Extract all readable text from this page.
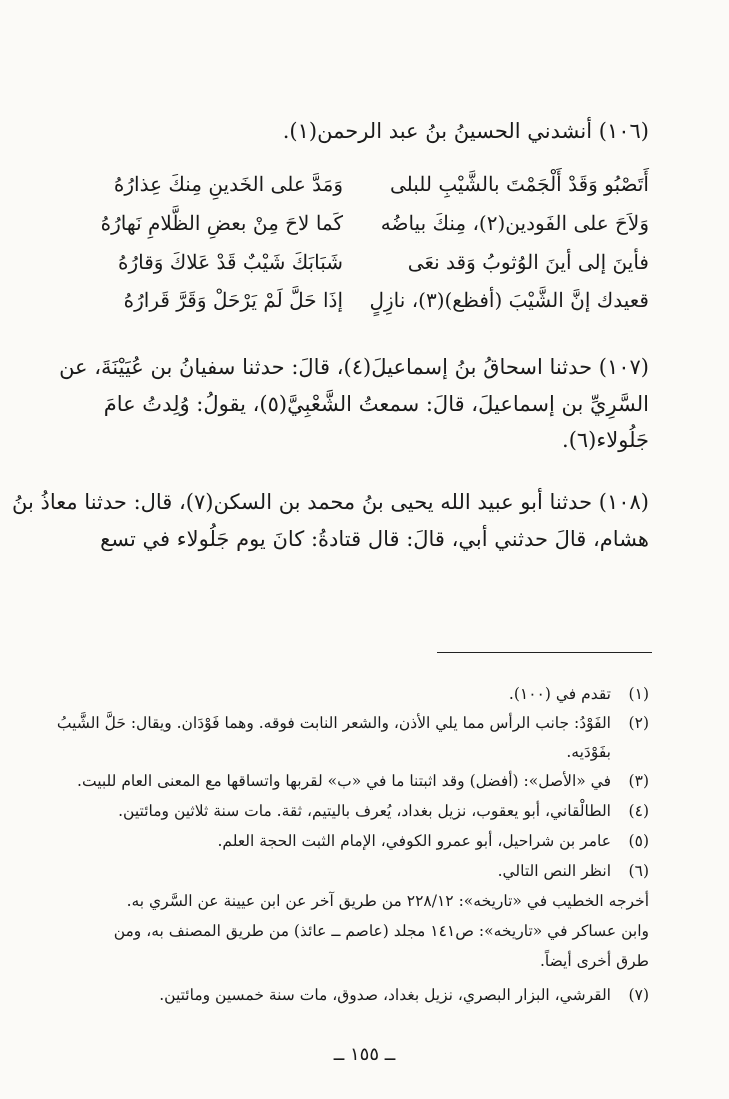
(١٠٦) أنشدني الحسينُ بنُ عبد الرحمن(١).
أَتَصْبُو وَقَدْ أَلْجَمْتَ بالشَّيْبِ للبلى
وَمَدَّ على الخَدينِ مِنكَ عِذارُهُ
وَلاَحَ على الفَودين(٢)، مِنكَ بياضُه
كَما لاحَ مِنْ بعضِ الظَّلامِ نَهارُهُ
فأينَ إلى أينَ الوُثوبُ وَقد نعَى
شَبَابَكَ شَيْبٌ قَدْ عَلاكَ وَقارُهُ
قعيدك إنَّ الشَّيْبَ (أفظع)(٣)، نازِلٍ
إذَا حَلَّ لَمْ يَرْحَلْ وَقَرَّ قَرارُهُ
(١٠٧) حدثنا اسحاقُ بنُ إسماعيلَ(٤)، قالَ: حدثنا سفيانُ بن عُيَيْنَةَ، عن
السَّرِيِّ بن إسماعيلَ، قالَ: سمعتُ الشَّعْبِيَّ(٥)، يقولُ: وُلِدتُ عامَ
جَلُولاء(٦).
(١٠٨) حدثنا أبو عبيد الله يحيى بنُ محمد بن السكن(٧)، قال: حدثنا معاذُ بنُ
هشام، قالَ حدثني أبي، قالَ: قال قتادةُ: كانَ يوم جَلُولاء في تسع
(١)
تقدم في (١٠٠).
(٢)
الفَوْدُ: جانب الرأس مما يلي الأذن، والشعر النابت فوقه. وهما فَوْدَان. ويقال: حَلَّ الشَّيبُ
بفَوْدَيه.
(٣)
في «الأصل»: (أفضل) وقد اثبتنا ما في «ب» لقربها واتساقها مع المعنى العام للبيت.
(٤)
الطالْقاني، أبو يعقوب، نزيل بغداد، يُعرف باليتيم، ثقة. مات سنة ثلاثين ومائتين.
(٥)
عامر بن شراحيل، أبو عمرو الكوفي، الإمام الثبت الحجة العلم.
(٦)
انظر النص التالي.
أخرجه الخطيب في «تاريخه»: ٢٢٨/١٢ من طريق آخر عن ابن عيينة عن السَّري به.
وابن عساكر في «تاريخه»: ص١٤١ مجلد (عاصم ــ عائذ) من طريق المصنف به، ومن
طرق أخرى أيضاً.
(٧)
القرشي، البزار البصري، نزيل بغداد، صدوق، مات سنة خمسين ومائتين.
ــ ١٥٥ ــ
